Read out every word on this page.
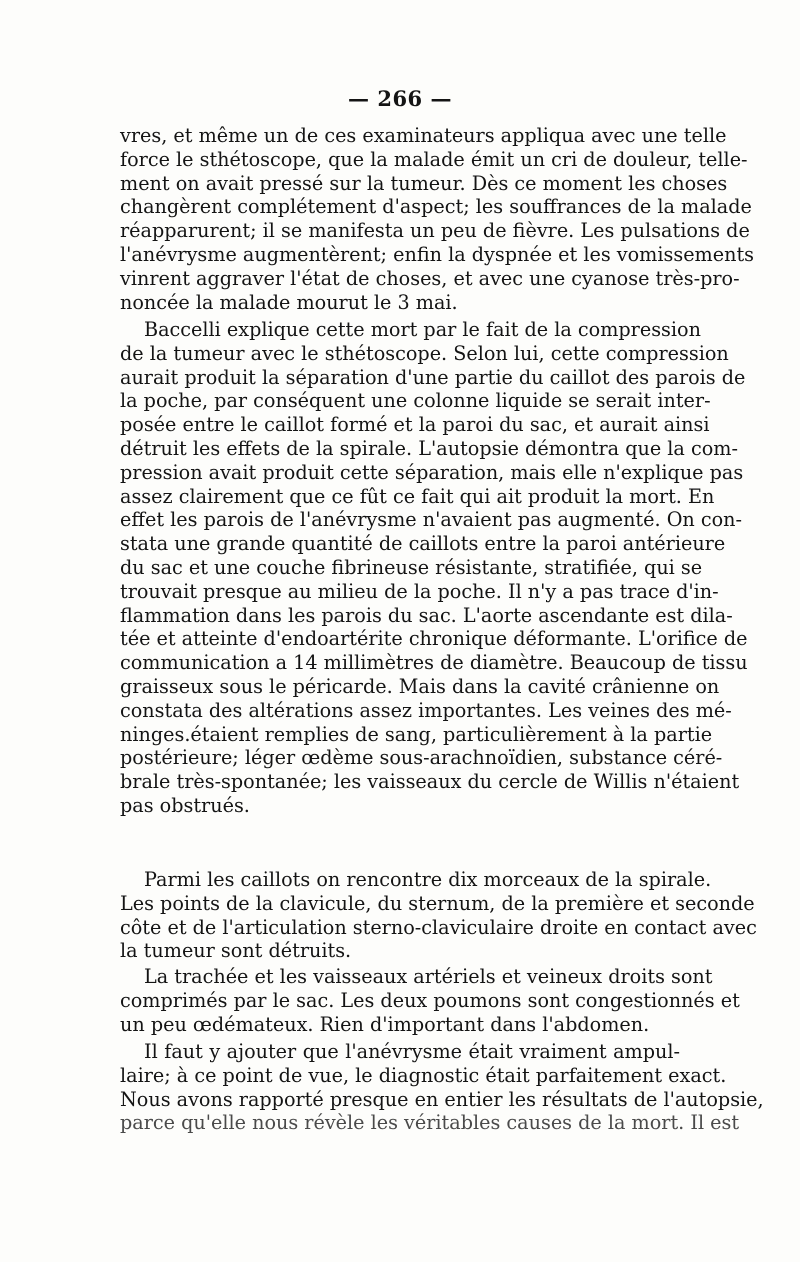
— 266 —
vres, et même un de ces examinateurs appliqua avec une telle
force le sthétoscope, que la malade émit un cri de douleur, telle-
ment on avait pressé sur la tumeur. Dès ce moment les choses
changèrent complétement d'aspect; les souffrances de la malade
réapparurent; il se manifesta un peu de fièvre. Les pulsations de
l'anévrysme augmentèrent; enfin la dyspnée et les vomissements
vinrent aggraver l'état de choses, et avec une cyanose très-pro-
noncée la malade mourut le 3 mai.
Baccelli explique cette mort par le fait de la compression
de la tumeur avec le sthétoscope. Selon lui, cette compression
aurait produit la séparation d'une partie du caillot des parois de
la poche, par conséquent une colonne liquide se serait inter-
posée entre le caillot formé et la paroi du sac, et aurait ainsi
détruit les effets de la spirale. L'autopsie démontra que la com-
pression avait produit cette séparation, mais elle n'explique pas
assez clairement que ce fût ce fait qui ait produit la mort. En
effet les parois de l'anévrysme n'avaient pas augmenté. On con-
stata une grande quantité de caillots entre la paroi antérieure
du sac et une couche fibrineuse résistante, stratifiée, qui se
trouvait presque au milieu de la poche. Il n'y a pas trace d'in-
flammation dans les parois du sac. L'aorte ascendante est dila-
tée et atteinte d'endoartérite chronique déformante. L'orifice de
communication a 14 millimètres de diamètre. Beaucoup de tissu
graisseux sous le péricarde. Mais dans la cavité crânienne on
constata des altérations assez importantes. Les veines des mé-
ninges.étaient remplies de sang, particulièrement à la partie
postérieure; léger œdème sous-arachnoïdien, substance céré-
brale très-spontanée; les vaisseaux du cercle de Willis n'étaient
pas obstrués.
Parmi les caillots on rencontre dix morceaux de la spirale.
Les points de la clavicule, du sternum, de la première et seconde
côte et de l'articulation sterno-claviculaire droite en contact avec
la tumeur sont détruits.
La trachée et les vaisseaux artériels et veineux droits sont
comprimés par le sac. Les deux poumons sont congestionnés et
un peu œdémateux. Rien d'important dans l'abdomen.
Il faut y ajouter que l'anévrysme était vraiment ampul-
laire; à ce point de vue, le diagnostic était parfaitement exact.
Nous avons rapporté presque en entier les résultats de l'autopsie,
parce qu'elle nous révèle les véritables causes de la mort. Il est
